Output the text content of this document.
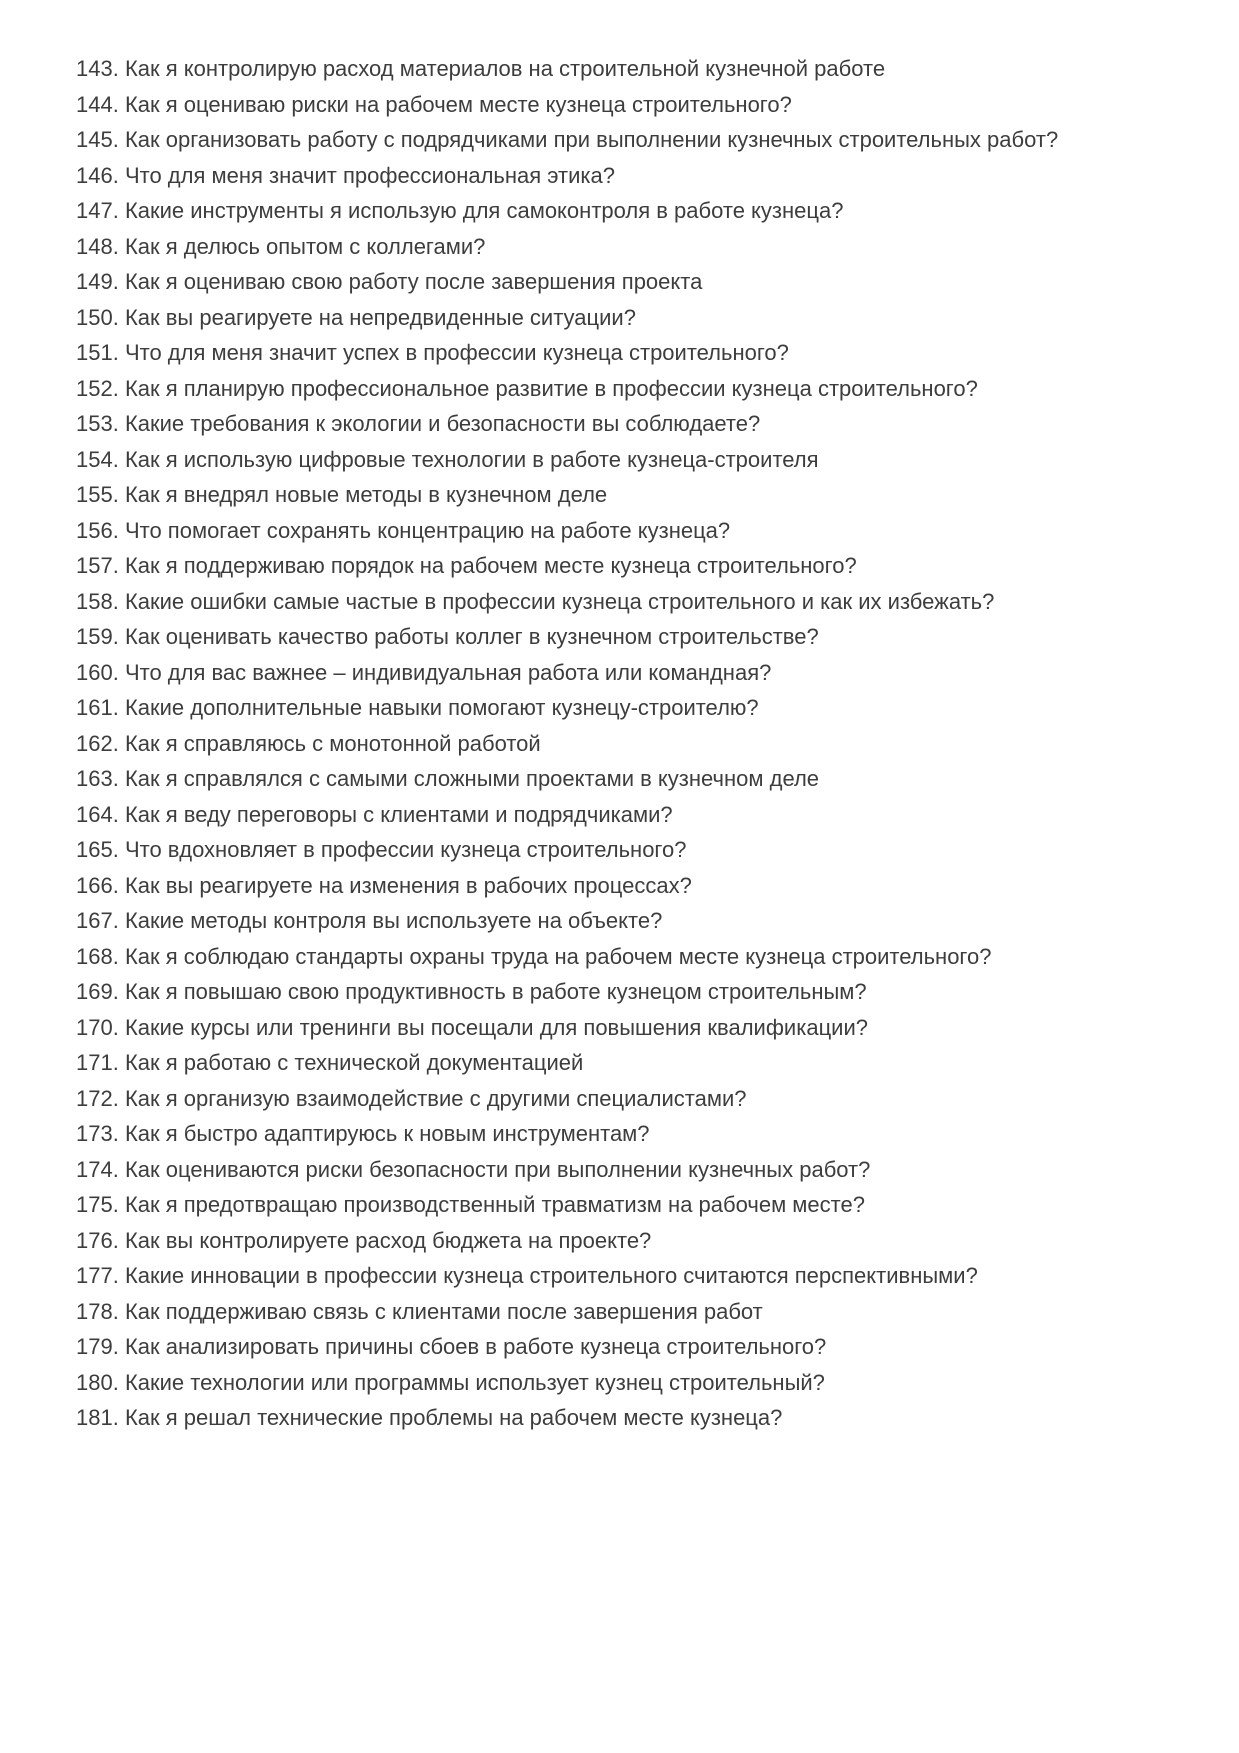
143. Как я контролирую расход материалов на строительной кузнечной работе

144. Как я оцениваю риски на рабочем месте кузнеца строительного?

145. Как организовать работу с подрядчиками при выполнении кузнечных строительных работ?

146. Что для меня значит профессиональная этика?

147. Какие инструменты я использую для самоконтроля в работе кузнеца?

148. Как я делюсь опытом с коллегами?

149. Как я оцениваю свою работу после завершения проекта

150. Как вы реагируете на непредвиденные ситуации?

151. Что для меня значит успех в профессии кузнеца строительного?

152. Как я планирую профессиональное развитие в профессии кузнеца строительного?

153. Какие требования к экологии и безопасности вы соблюдаете?

154. Как я использую цифровые технологии в работе кузнеца-строителя

155. Как я внедрял новые методы в кузнечном деле

156. Что помогает сохранять концентрацию на работе кузнеца?

157. Как я поддерживаю порядок на рабочем месте кузнеца строительного?

158. Какие ошибки самые частые в профессии кузнеца строительного и как их избежать?

159. Как оценивать качество работы коллег в кузнечном строительстве?

160. Что для вас важнее – индивидуальная работа или командная?

161. Какие дополнительные навыки помогают кузнецу-строителю?

162. Как я справляюсь с монотонной работой

163. Как я справлялся с самыми сложными проектами в кузнечном деле

164. Как я веду переговоры с клиентами и подрядчиками?

165. Что вдохновляет в профессии кузнеца строительного?

166. Как вы реагируете на изменения в рабочих процессах?

167. Какие методы контроля вы используете на объекте?

168. Как я соблюдаю стандарты охраны труда на рабочем месте кузнеца строительного?

169. Как я повышаю свою продуктивность в работе кузнецом строительным?

170. Какие курсы или тренинги вы посещали для повышения квалификации?

171. Как я работаю с технической документацией

172. Как я организую взаимодействие с другими специалистами?

173. Как я быстро адаптируюсь к новым инструментам?

174. Как оцениваются риски безопасности при выполнении кузнечных работ?

175. Как я предотвращаю производственный травматизм на рабочем месте?

176. Как вы контролируете расход бюджета на проекте?

177. Какие инновации в профессии кузнеца строительного считаются перспективными?

178. Как поддерживаю связь с клиентами после завершения работ

179. Как анализировать причины сбоев в работе кузнеца строительного?

180. Какие технологии или программы использует кузнец строительный?

181. Как я решал технические проблемы на рабочем месте кузнеца?
